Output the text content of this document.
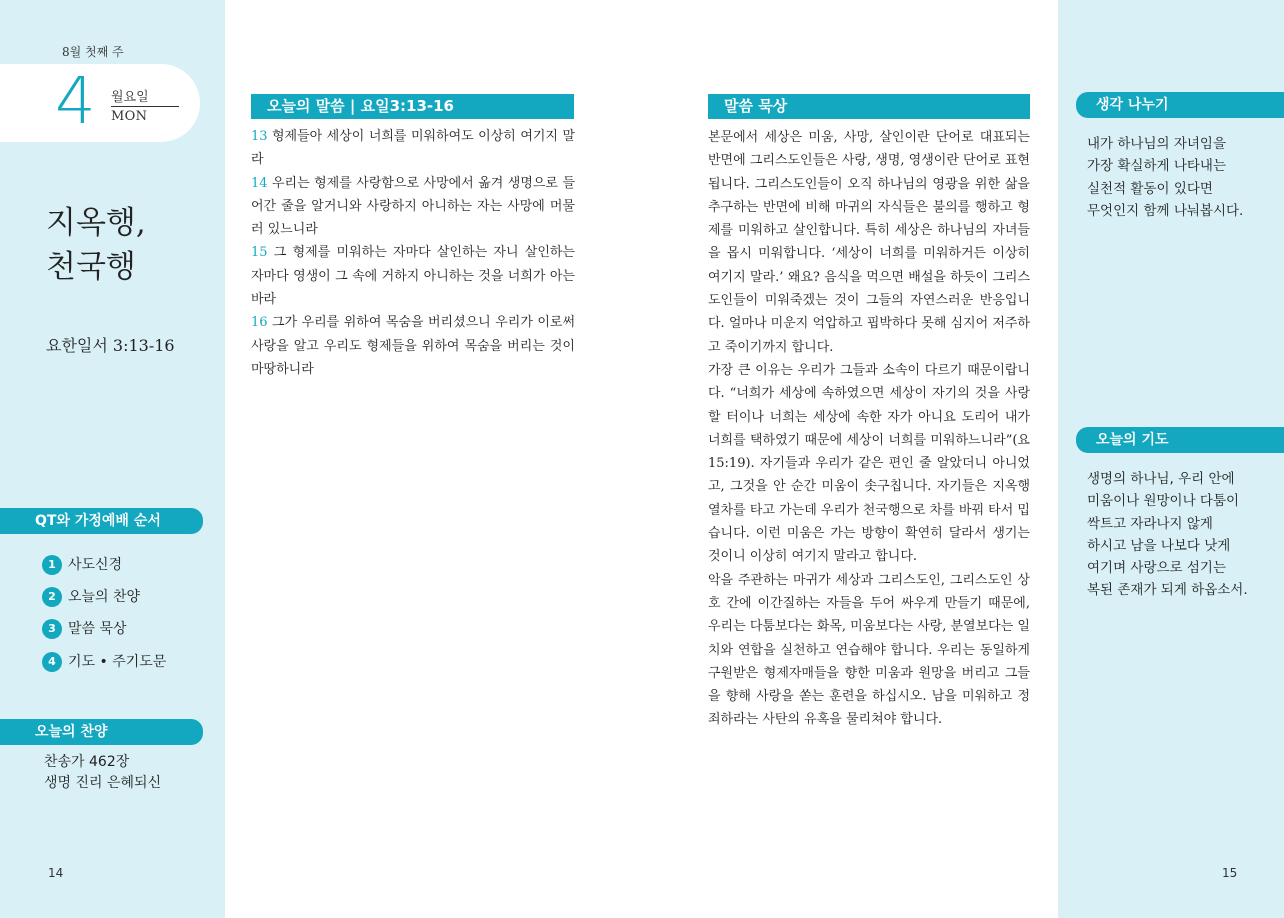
8월 첫째 주
4 월요일
MON
지옥행,
천국행
요한일서 3:13-16
QT와 가정예배 순서
1 사도신경
2 오늘의 찬양
3 말씀 묵상
4 기도 • 주기도문
오늘의 찬양
찬송가 462장
생명 진리 은혜되신
14
오늘의 말씀 | 요일3:13-16
13 형제들아 세상이 너희를 미워하여도 이상히 여기지 말라
14 우리는 형제를 사랑함으로 사망에서 옮겨 생명으로 들어간 줄을 알거니와 사랑하지 아니하는 자는 사망에 머물러 있느니라
15 그 형제를 미워하는 자마다 살인하는 자니 살인하는 자마다 영생이 그 속에 거하지 아니하는 것을 너희가 아는 바라
16 그가 우리를 위하여 목숨을 버리셨으니 우리가 이로써 사랑을 알고 우리도 형제들을 위하여 목숨을 버리는 것이 마땅하니라
말씀 묵상

본문에서 세상은 미움, 사망, 살인이란 단어로 대표되는 반면에 그리스도인들은 사랑, 생명, 영생이란 단어로 표현됩니다. 그리스도인들이 오직 하나님의 영광을 위한 삶을 추구하는 반면에 비해 마귀의 자식들은 불의를 행하고 형제를 미워하고 살인합니다. 특히 세상은 하나님의 자녀들을 몹시 미워합니다. ‘세상이 너희를 미워하거든 이상히 여기지 말라.’ 왜요? 음식을 먹으면 배설을 하듯이 그리스도인들이 미워죽겠는 것이 그들의 자연스러운 반응입니다. 얼마나 미운지 억압하고 핍박하다 못해 심지어 저주하고 죽이기까지 합니다.

가장 큰 이유는 우리가 그들과 소속이 다르기 때문이랍니다. “너희가 세상에 속하였으면 세상이 자기의 것을 사랑할 터이나 너희는 세상에 속한 자가 아니요 도리어 내가 너희를 택하였기 때문에 세상이 너희를 미워하느니라”(요15:19). 자기들과 우리가 같은 편인 줄 알았더니 아니었고, 그것을 안 순간 미움이 솟구칩니다. 자기들은 지옥행 열차를 타고 가는데 우리가 천국행으로 차를 바꿔 타서 밉습니다. 이런 미움은 가는 방향이 확연히 달라서 생기는 것이니 이상히 여기지 말라고 합니다.

악을 주관하는 마귀가 세상과 그리스도인, 그리스도인 상호 간에 이간질하는 자들을 두어 싸우게 만들기 때문에, 우리는 다툼보다는 화목, 미움보다는 사랑, 분열보다는 일치와 연합을 실천하고 연습해야 합니다. 우리는 동일하게 구원받은 형제자매들을 향한 미움과 원망을 버리고 그들을 향해 사랑을 쏟는 훈련을 하십시오. 남을 미워하고 정죄하라는 사탄의 유혹을 물리쳐야 합니다.

생각 나누기
내가 하나님의 자녀임을
가장 확실하게 나타내는
실천적 활동이 있다면
무엇인지 함께 나눠봅시다.
오늘의 기도
생명의 하나님, 우리 안에
미움이나 원망이나 다툼이
싹트고 자라나지 않게
하시고 남을 나보다 낫게
여기며 사랑으로 섬기는
복된 존재가 되게 하옵소서.
15
